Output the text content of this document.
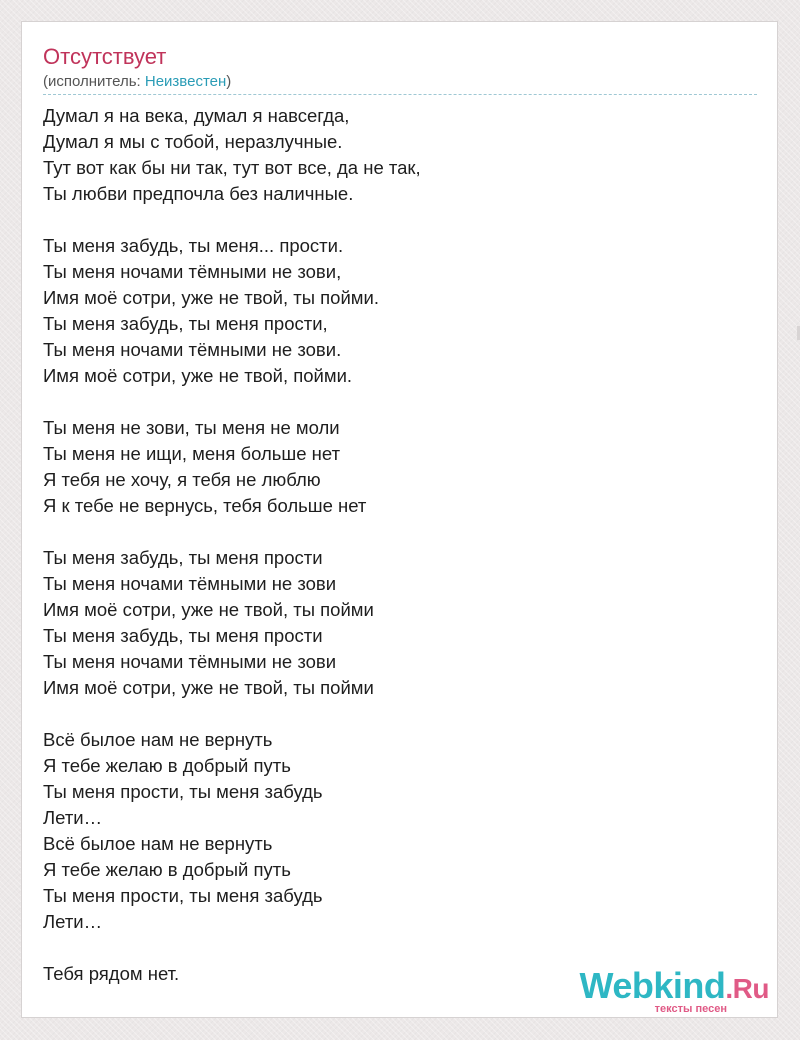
Отсутствует
(исполнитель: Неизвестен)
Думал я на века, думал я навсегда,
Думал я мы с тобой, неразлучные.
Тут вот как бы ни так, тут вот все, да не так,
Ты любви предпочла без наличные.
Ты меня забудь, ты меня... прости.
Ты меня ночами тёмными не зови,
Имя моё сотри, уже не твой, ты пойми.
Ты меня забудь, ты меня прости,
Ты меня ночами тёмными не зови.
Имя моё сотри, уже не твой, пойми.
Ты меня не зови, ты меня не моли
Ты меня не ищи, меня больше нет
Я тебя не хочу, я тебя не люблю
Я к тебе не вернусь, тебя больше нет
Ты меня забудь, ты меня прости
Ты меня ночами тёмными не зови
Имя моё сотри, уже не твой, ты пойми
Ты меня забудь, ты меня прости
Ты меня ночами тёмными не зови
Имя моё сотри, уже не твой, ты пойми
Всё былое нам не вернуть
Я тебе желаю в добрый путь
Ты меня прости, ты меня забудь
Лети…
Всё былое нам не вернуть
Я тебе желаю в добрый путь
Ты меня прости, ты меня забудь
Лети…
Тебя рядом нет.	Webkind.Ru
тексты песен
